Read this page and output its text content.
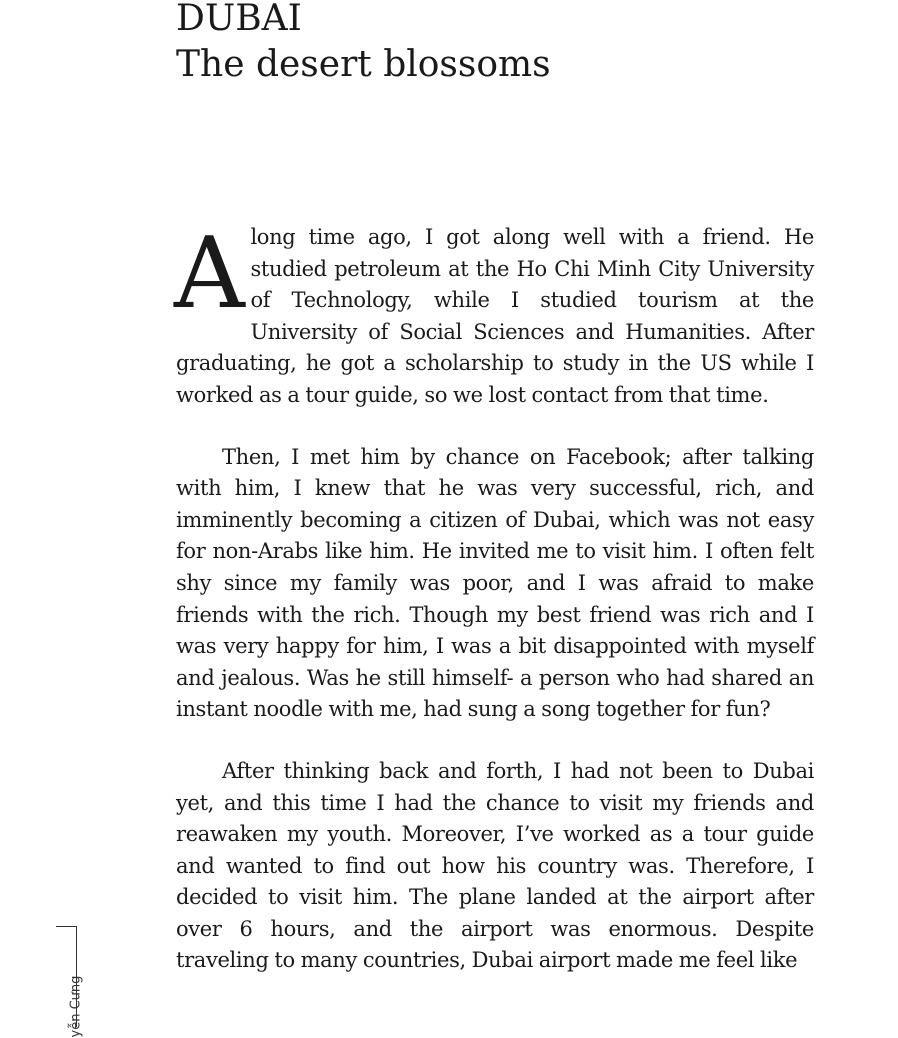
DUBAI
The desert blossoms

Along time ago, I got along well with a friend. He studied petroleum at the Ho Chi Minh City University of Technology, while I studied tourism at the University of Social Sciences and Humanities. After graduating, he got a scholarship to study in the US while I worked as a tour guide, so we lost contact from that time.

Then, I met him by chance on Facebook; after talking with him, I knew that he was very successful, rich, and imminently becoming a citizen of Dubai, which was not easy for non-Arabs like him. He invited me to visit him. I often felt shy since my family was poor, and I was afraid to make friends with the rich. Though my best friend was rich and I was very happy for him, I was a bit disappointed with myself and jealous. Was he still himself- a person who had shared an instant noodle with me, had sung a song together for fun?

After thinking back and forth, I had not been to Dubai yet, and this time I had the chance to visit my friends and reawaken my youth. Moreover, I’ve worked as a tour guide and wanted to find out how his country was. Therefore, I decided to visit him. The plane landed at the airport after over 6 hours, and the airport was enormous. Despite traveling to many countries, Dubai airport made me feel like

yễn Cưng
